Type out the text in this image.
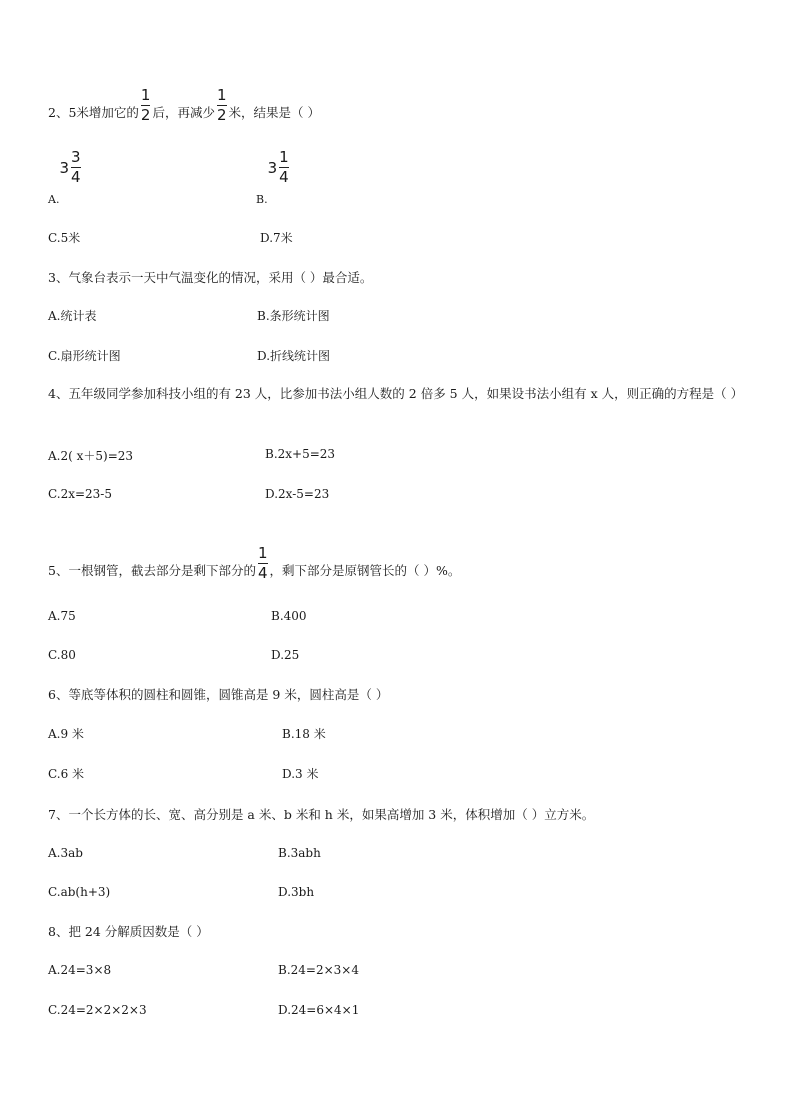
2、5米增加它的 $\frac{1}{2}$ 后，再减少 $\frac{1}{2}$ 米，结果是（ ）
$A.3 \frac{3}{4}$
$B.3 \frac{1}{4}$
C.5米	D.7米
3、气象台表示一天中气温变化的情况，采用（ ）最合适。
A.统计表	B.条形统计图
C.扇形统计图	D.折线统计图
4、五年级同学参加科技小组的有 23 人，比参加书法小组人数的 2 倍多 5 人，如果设书法小组有 x 人，则正确的方程是（ ）
A.2( x＋5)=23	B.2x+5=23
C.2x=23-5	D.2x-5=23
5、一根钢管，截去部分是剩下部分的 $\frac{1}{4}$ ，剩下部分是原钢管长的（ ）%。
A.75	B.400
C.80	D.25
6、等底等体积的圆柱和圆锥，圆锥高是 9 米，圆柱高是（ ）
A.9 米	B.18 米
C.6 米	D.3 米
7、一个长方体的长、宽、高分别是 a 米、b 米和 h 米，如果高增加 3 米，体积增加（ ）立方米。
A.3ab	B.3abh
C.ab(h+3)	D.3bh
8、把 24 分解质因数是（ ）
A.24=3×8	B.24=2×3×4
C.24=2×2×2×3	D.24=6×4×1
